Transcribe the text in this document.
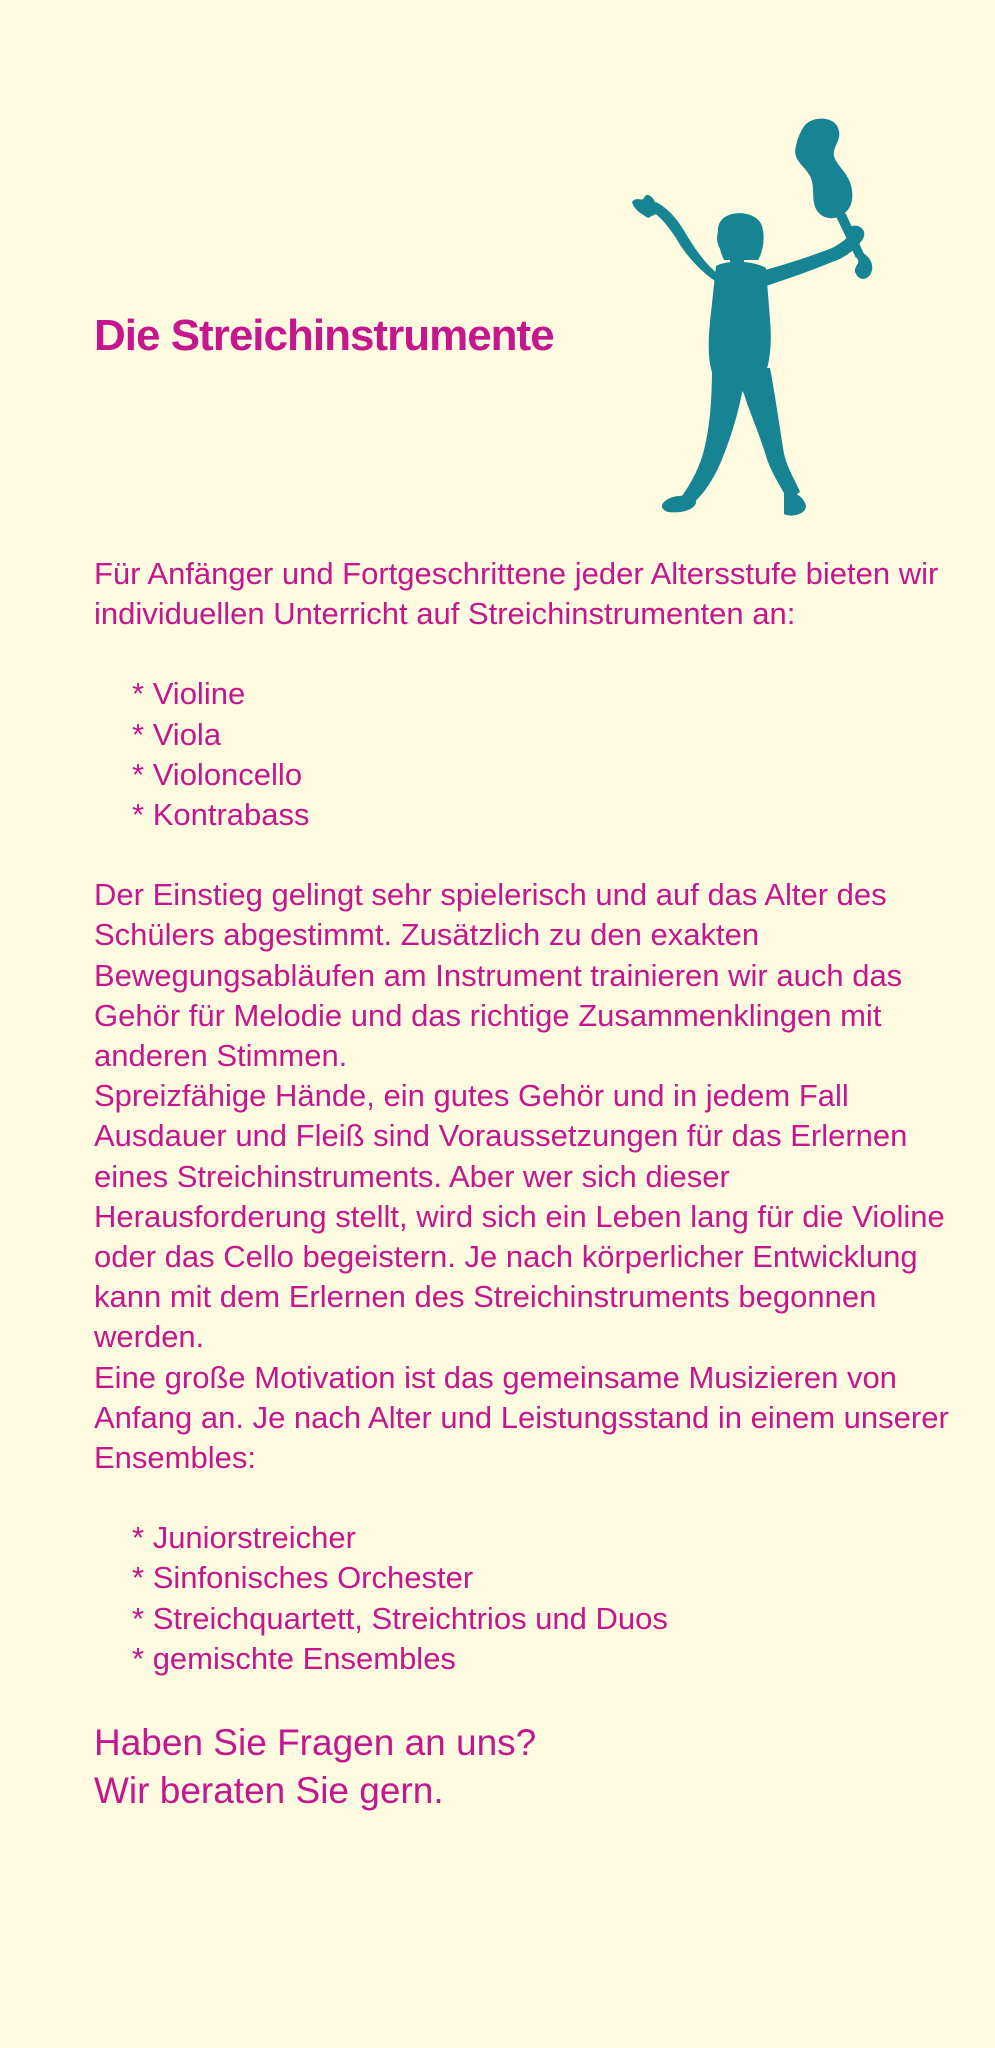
Die Streichinstrumente

Für Anfänger und Fortgeschrittene jeder Altersstufe bieten wir individuellen Unterricht auf Streichinstrumenten an:

* Violine
* Viola
* Violoncello
* Kontrabass

Der Einstieg gelingt sehr spielerisch und auf das Alter des Schülers abgestimmt. Zusätzlich zu den exakten Bewegungsabläufen am Instrument trainieren wir auch das Gehör für Melodie und das richtige Zusammenklingen mit anderen Stimmen.

Spreizfähige Hände, ein gutes Gehör und in jedem Fall Ausdauer und Fleiß sind Voraussetzungen für das Erlernen eines Streichinstruments. Aber wer sich dieser Herausforderung stellt, wird sich ein Leben lang für die Violine oder das Cello begeistern. Je nach körperlicher Entwicklung kann mit dem Erlernen des Streichinstruments begonnen werden.

Eine große Motivation ist das gemeinsame Musizieren von Anfang an. Je nach Alter und Leistungsstand in einem unserer Ensembles:

* Juniorstreicher
* Sinfonisches Orchester
* Streichquartett, Streichtrios und Duos
* gemischte Ensembles
Haben Sie Fragen an uns?
Wir beraten Sie gern.
